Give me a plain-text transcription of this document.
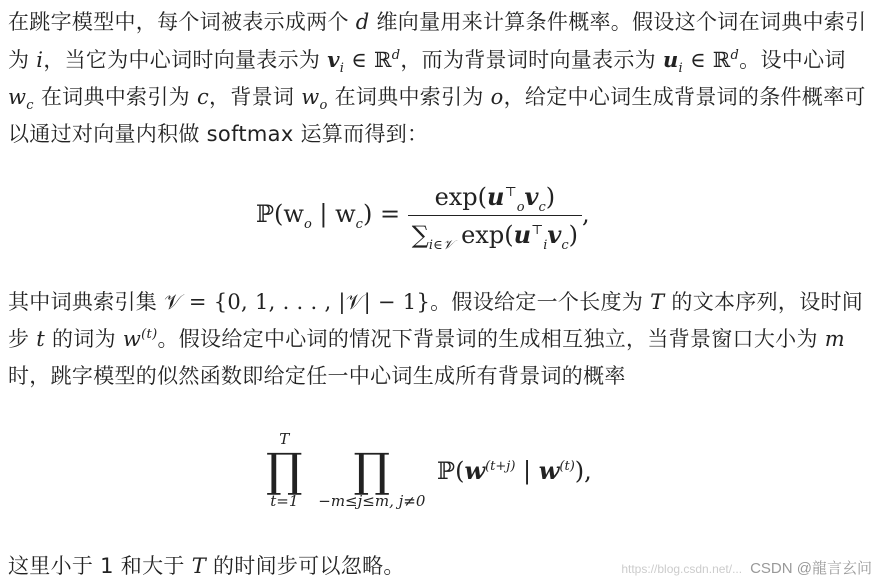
在跳字模型中，每个词被表示成两个 d 维向量用来计算条件概率。假设这个词在词典中索引为 i，当它为中心词时向量表示为 $v_i$ ∈ ℝ$^d$，而为背景词时向量表示为 $u_i$ ∈ ℝ$^d$。设中心词 $w_c$ 在词典中索引为 c，背景词 $w_o$ 在词典中索引为 o，给定中心词生成背景词的条件概率可以通过对向量内积做 softmax 运算而得到：
$ℙ(w_o$ | $w_c) = \frac{\exp(u^⊤_ov_c)}{\sum_{i\in 𝒱} \exp(u^⊤_iv_c)}$ ,
其中词典索引集 𝒱 = {0, 1, . . . , |𝒱| − 1}。假设给定一个长度为 T 的文本序列，设时间步 t 的词为 $w^{(t)}$。假设给定中心词的情况下背景词的生成相互独立，当背景窗口大小为 m 时，跳字模型的似然函数即给定任一中心词生成所有背景词的概率
T
∏
t=1

∏
−m≤j≤m, j≠0
$ℙ(w^{(t+j)}$ | $w^{(t)}$),
这里小于 1 和大于 T 的时间步可以忽略。	https://blog.csdn.net/... CSDN @龍言玄问
